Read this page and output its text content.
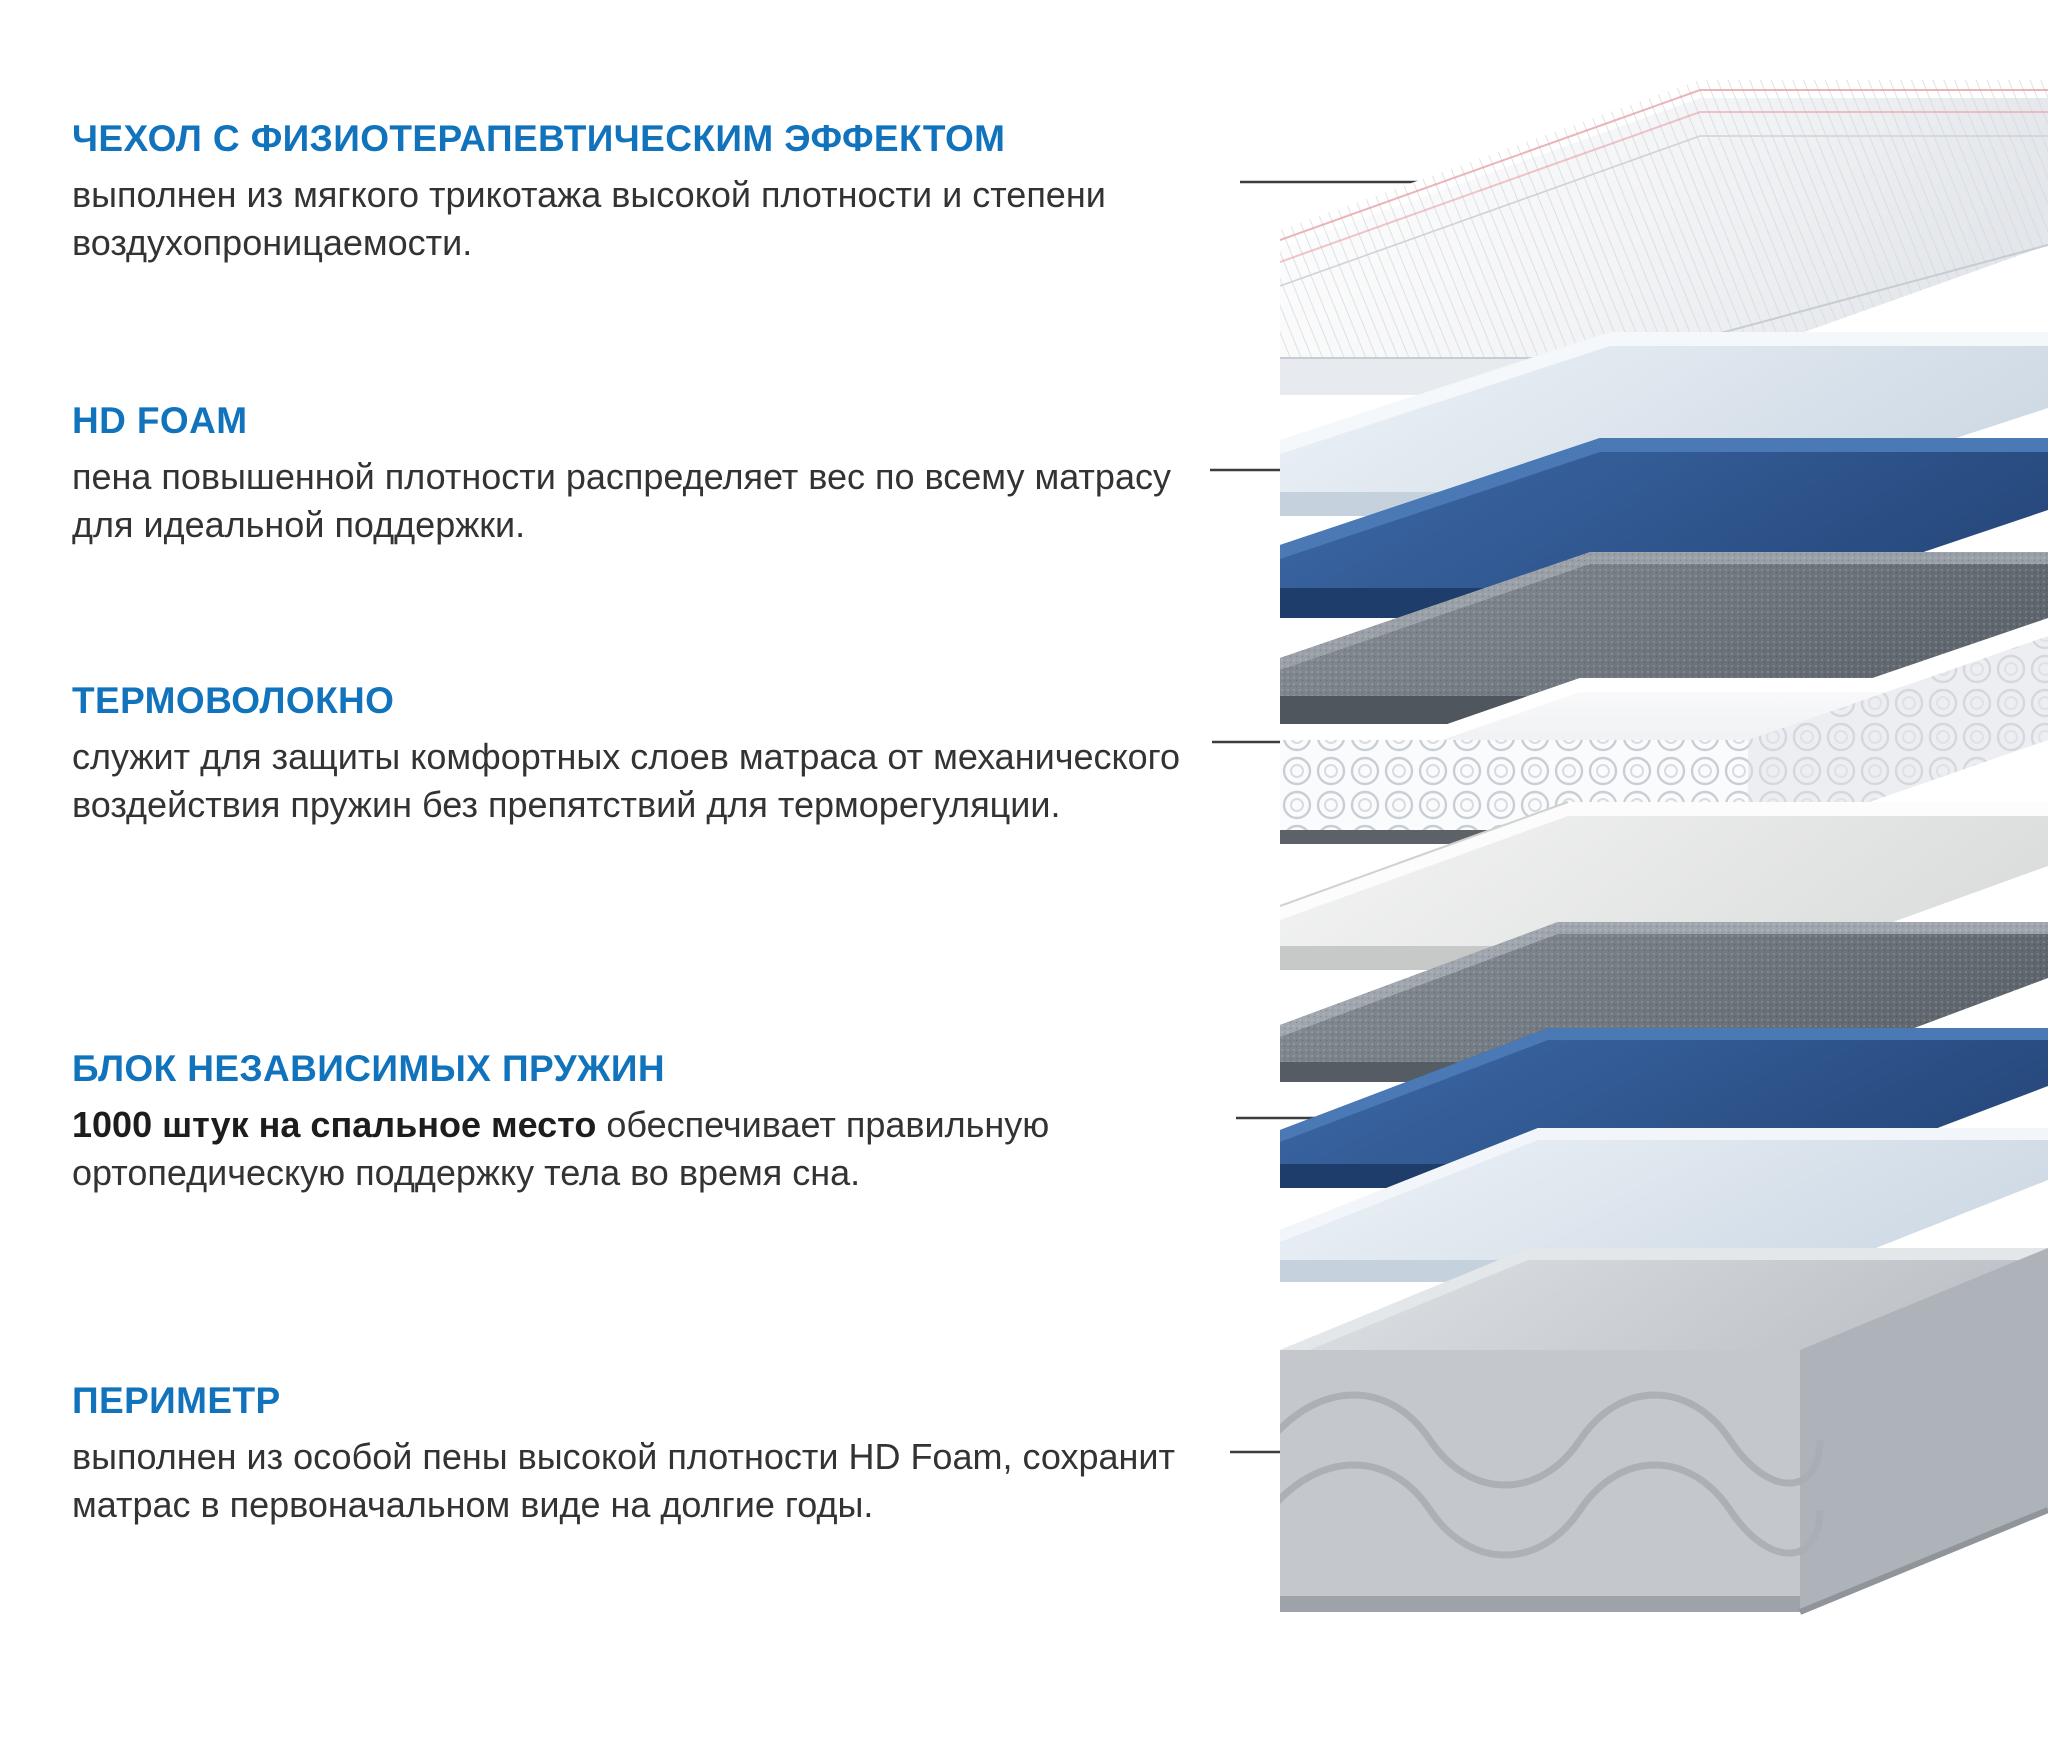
ЧЕХОЛ С ФИЗИОТЕРАПЕВТИЧЕСКИМ ЭФФЕКТОМ

выполнен из мягкого трикотажа высокой плотности и степени воздухопроницаемости.

HD FOAM

пена повышенной плотности распределяет вес по всему матрасу для идеальной поддержки.

ТЕРМОВОЛОКНО

служит для защиты комфортных слоев матраса от механического воздействия пружин без препятствий для терморегуляции.

БЛОК НЕЗАВИСИМЫХ ПРУЖИН

1000 штук на спальное место обеспечивает правильную ортопедическую поддержку тела во время сна.

ПЕРИМЕТР

выполнен из особой пены высокой плотности HD Foam, сохранит матрас в первоначальном виде на долгие годы.
